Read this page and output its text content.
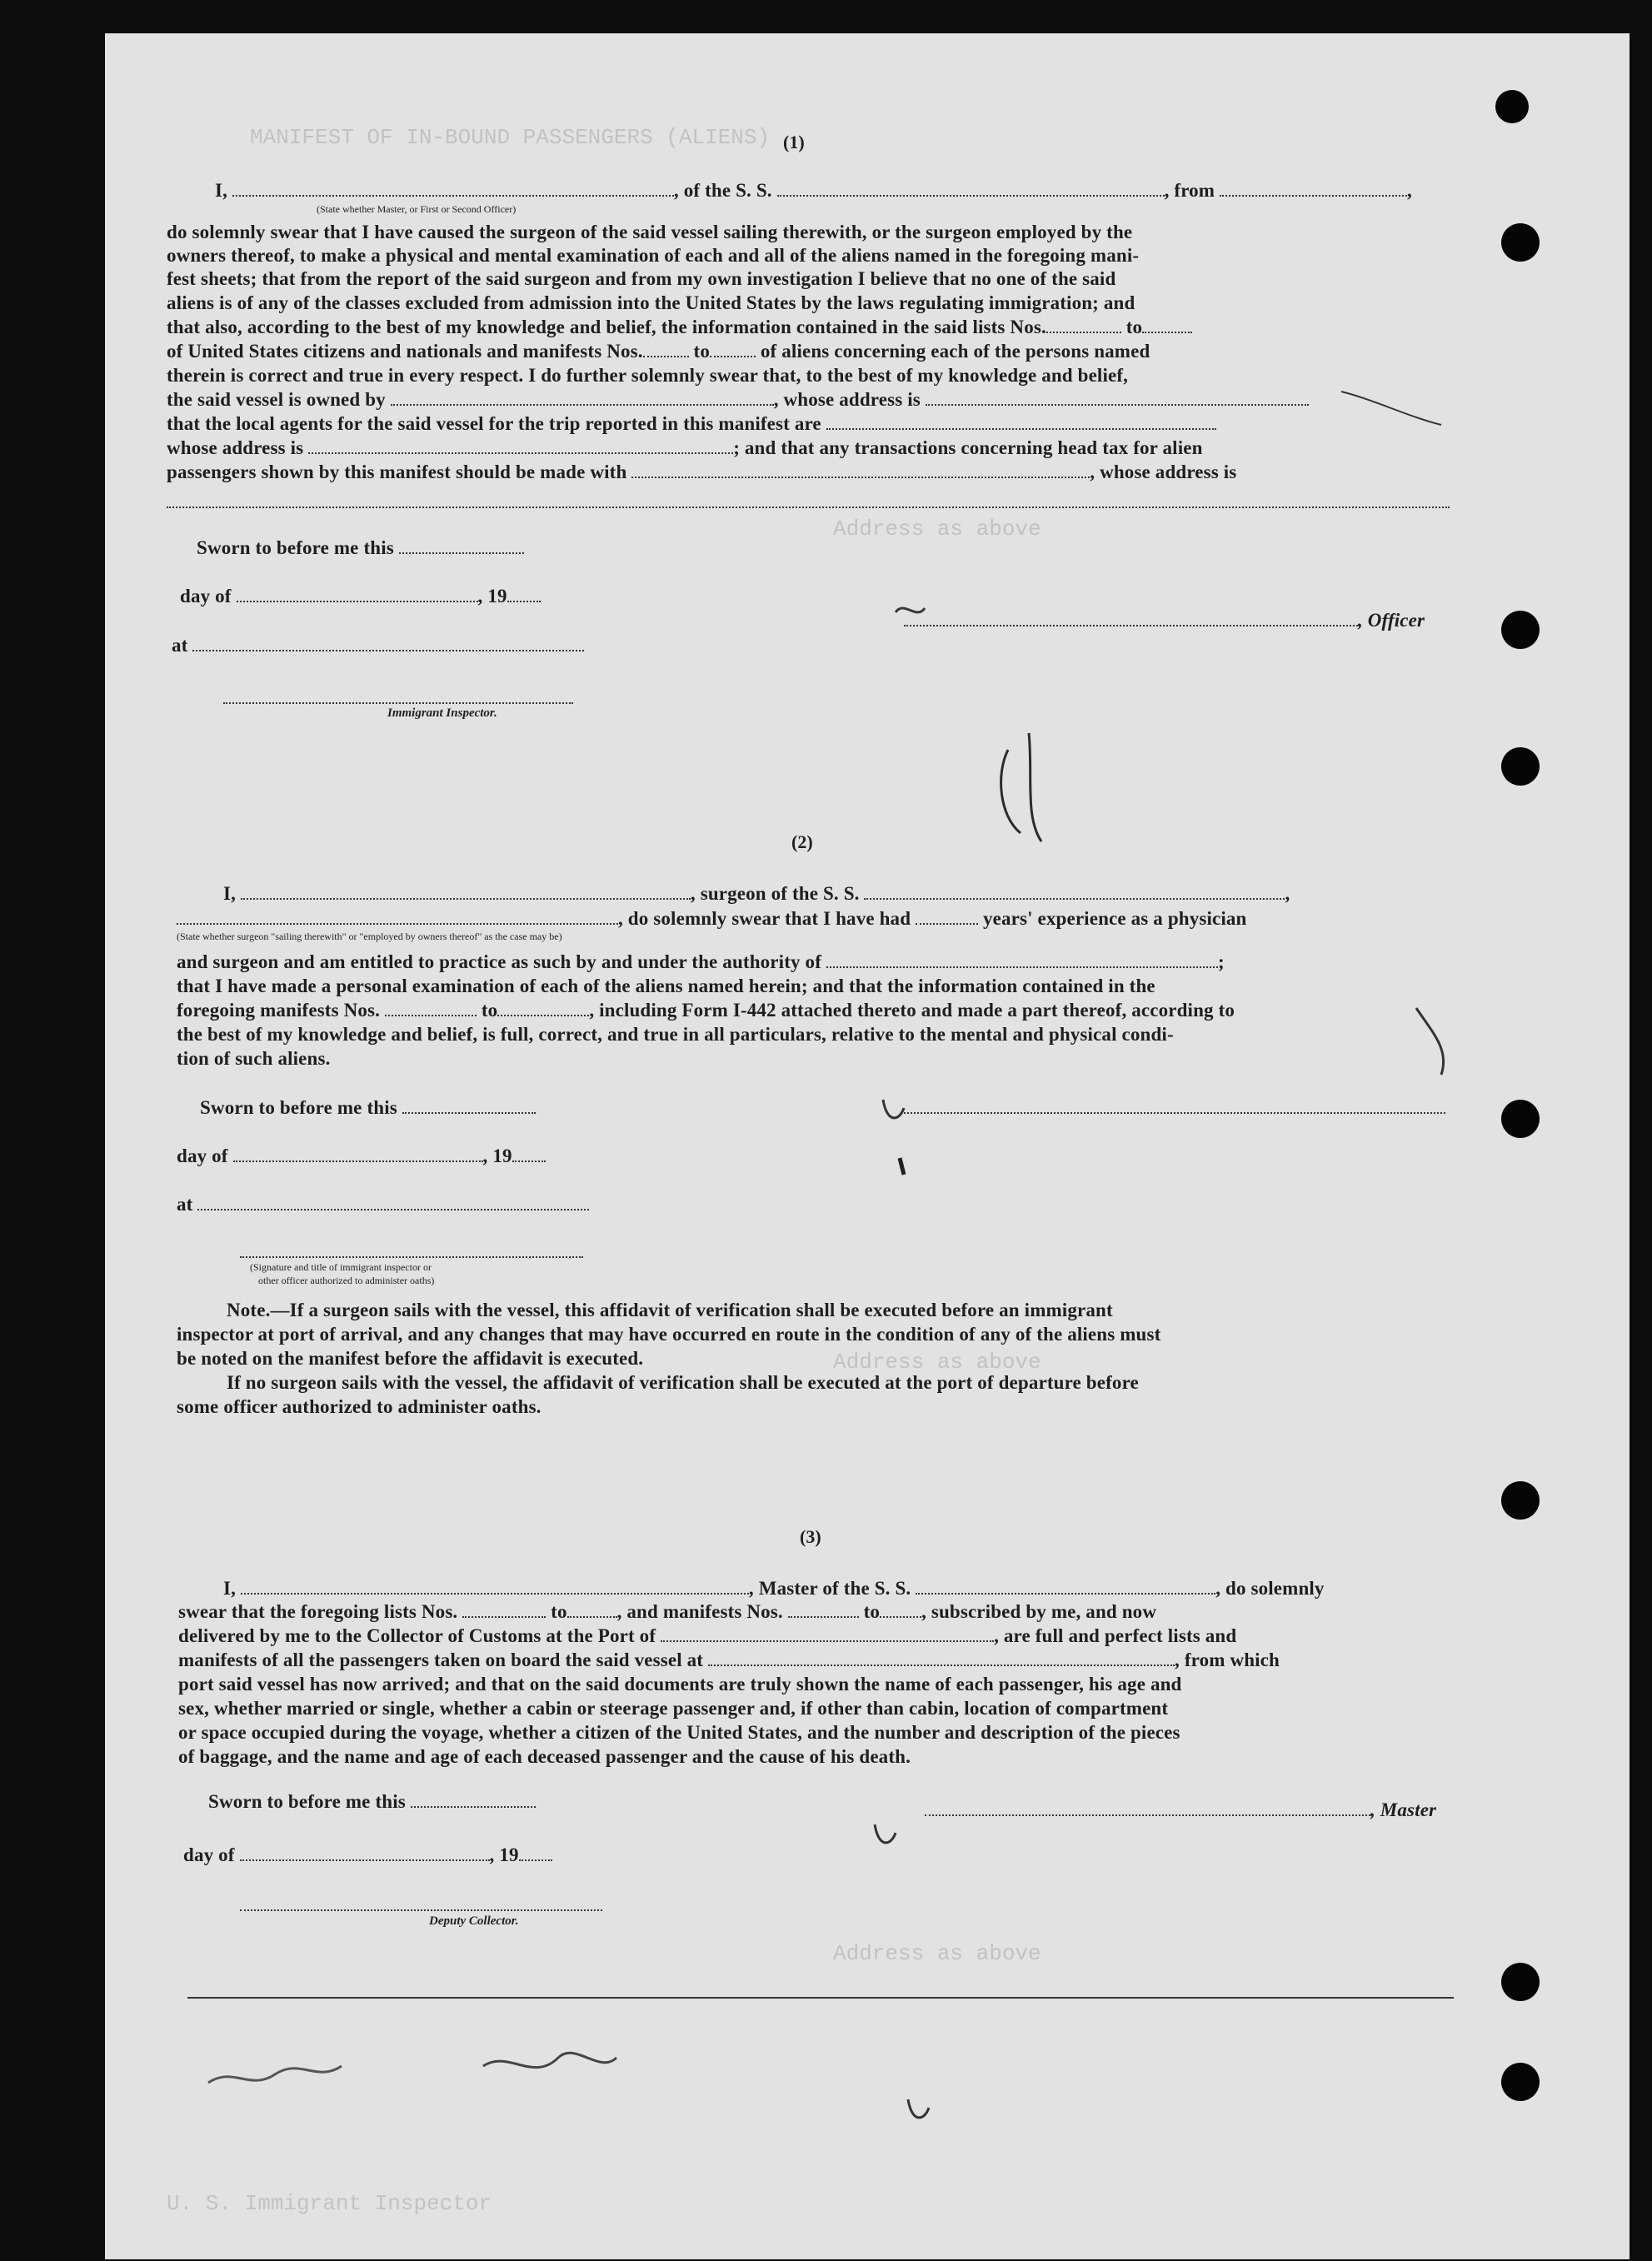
MANIFEST OF IN-BOUND PASSENGERS (ALIENS)
Address as above
Address as above
Address as above
U. S. Immigrant Inspector
(1)
I,	, of the S. S.	, from	,
(State whether Master, or First or Second Officer)
do solemnly swear that I have caused the surgeon of the said vessel sailing therewith, or the surgeon employed by the
owners thereof, to make a physical and mental examination of each and all of the aliens named in the foregoing mani-
fest sheets; that from the report of the said surgeon and from my own investigation I believe that no one of the said
aliens is of any of the classes excluded from admission into the United States by the laws regulating immigration; and
that also, according to the best of my knowledge and belief, the information contained in the said lists Nos.	to
of United States citizens and nationals and manifests Nos.	to	of aliens concerning each of the persons named
therein is correct and true in every respect. I do further solemnly swear that, to the best of my knowledge and belief,
the said vessel is owned by	, whose address is
that the local agents for the said vessel for the trip reported in this manifest are
whose address is	; and that any transactions concerning head tax for alien
passengers shown by this manifest should be made with	, whose address is
Sworn to before me this
day of	, 19
at
, Officer
Immigrant Inspector.
(2)
I,	, surgeon of the S. S.	,
, do solemnly swear that I have had	years' experience as a physician
(State whether surgeon "sailing therewith" or "employed by owners thereof" as the case may be)
and surgeon and am entitled to practice as such by and under the authority of	;
that I have made a personal examination of each of the aliens named herein; and that the information contained in the
foregoing manifests Nos.	to	, including Form I-442 attached thereto and made a part thereof, according to
the best of my knowledge and belief, is full, correct, and true in all particulars, relative to the mental and physical condi-
tion of such aliens.
Sworn to before me this
day of	, 19
at
(Signature and title of immigrant inspector or
other officer authorized to administer oaths)
Note.—If a surgeon sails with the vessel, this affidavit of verification shall be executed before an immigrant
inspector at port of arrival, and any changes that may have occurred en route in the condition of any of the aliens must
be noted on the manifest before the affidavit is executed.
If no surgeon sails with the vessel, the affidavit of verification shall be executed at the port of departure before
some officer authorized to administer oaths.
(3)
I,	, Master of the S. S.	, do solemnly
swear that the foregoing lists Nos.	to	, and manifests Nos.	to , subscribed by me, and now
delivered by me to the Collector of Customs at the Port of	, are full and perfect lists and
manifests of all the passengers taken on board the said vessel at	, from which
port said vessel has now arrived; and that on the said documents are truly shown the name of each passenger, his age and
sex, whether married or single, whether a cabin or steerage passenger and, if other than cabin, location of compartment
or space occupied during the voyage, whether a citizen of the United States, and the number and description of the pieces
of baggage, and the name and age of each deceased passenger and the cause of his death.
Sworn to before me this	, Master
day of	, 19
Deputy Collector.
